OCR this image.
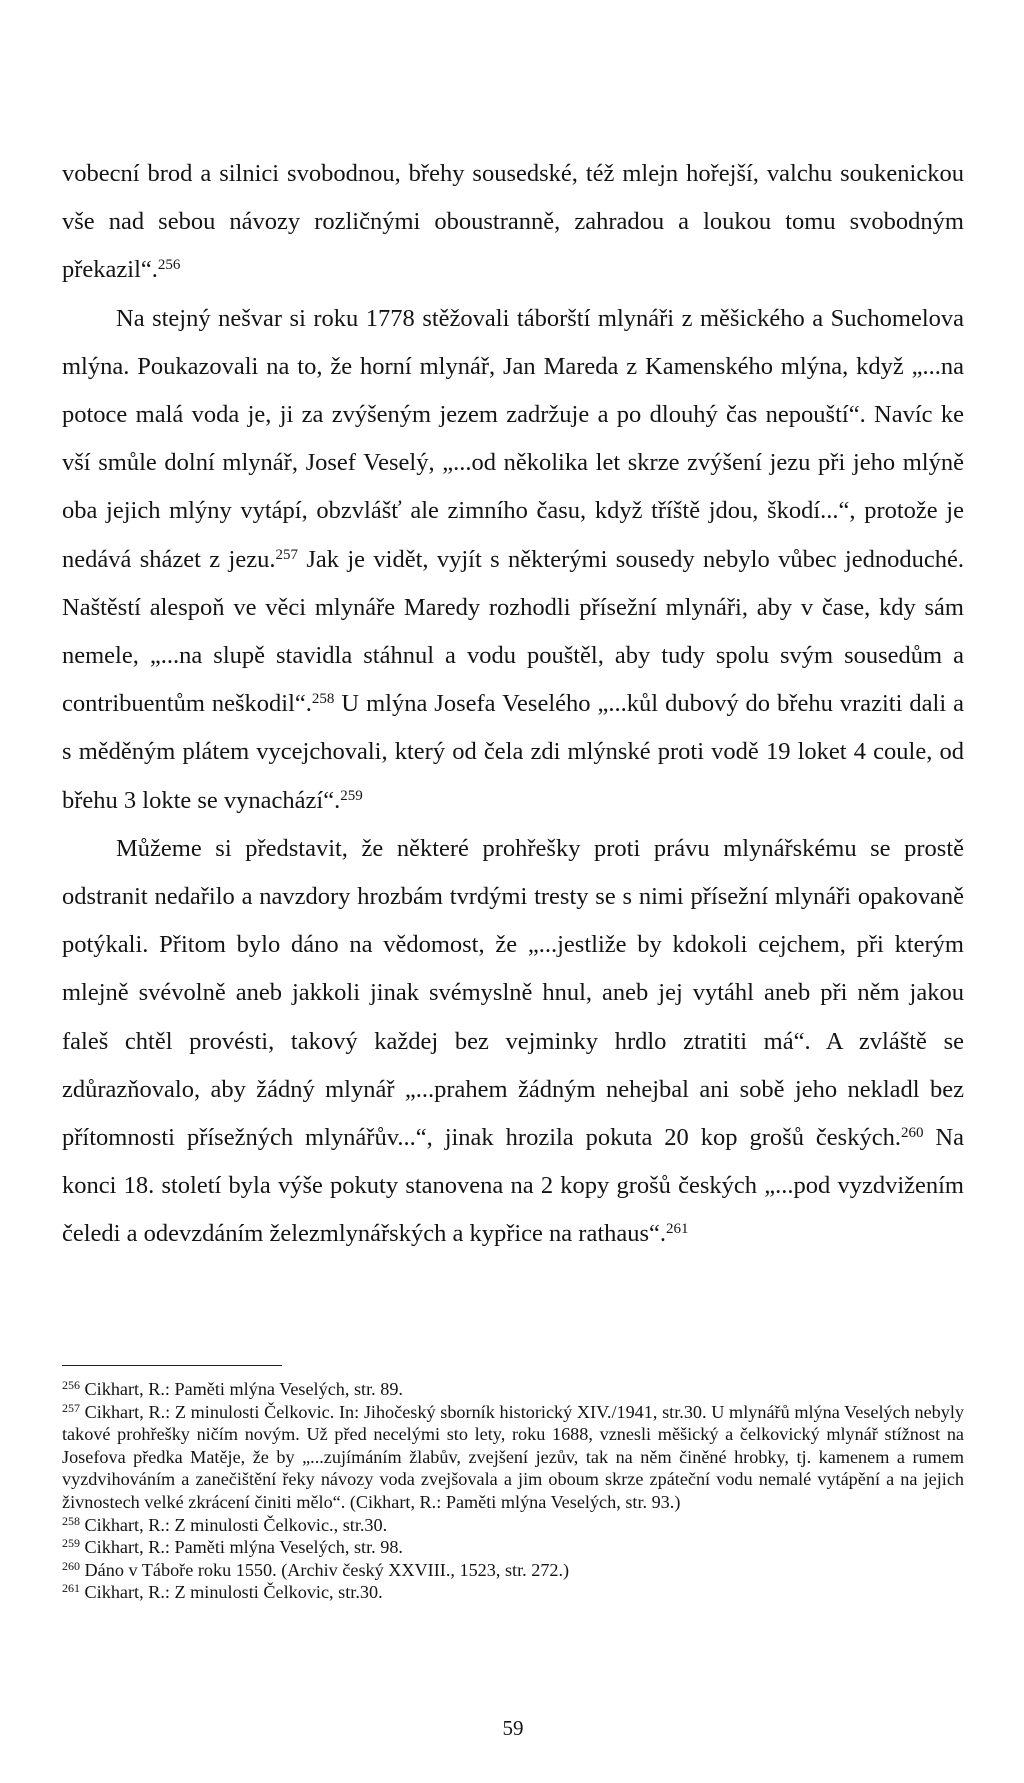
vobecní brod a silnici svobodnou, břehy sousedské, též mlejn hořejší, valchu soukenickou vše nad sebou návozy rozličnými oboustranně, zahradou a loukou tomu svobodným překazil“.$^{256}$

Na stejný nešvar si roku 1778 stěžovali táborští mlynáři z měšického a Suchomelova mlýna. Poukazovali na to, že horní mlynář, Jan Mareda z Kamenského mlýna, když „...na potoce malá voda je, ji za zvýšeným jezem zadržuje a po dlouhý čas nepouští“. Navíc ke vší smůle dolní mlynář, Josef Veselý, „...od několika let skrze zvýšení jezu při jeho mlýně oba jejich mlýny vytápí, obzvlášť ale zimního času, když tříště jdou, škodí...“, protože je nedává sházet z jezu.$^{257}$ Jak je vidět, vyjít s některými sousedy nebylo vůbec jednoduché. Naštěstí alespoň ve věci mlynáře Maredy rozhodli přísežní mlynáři, aby v čase, kdy sám nemele, „...na slupě stavidla stáhnul a vodu pouštěl, aby tudy spolu svým sousedům a contribuentům neškodil“.$^{258}$ U mlýna Josefa Veselého „...kůl dubový do břehu vraziti dali a s měděným plátem vycejchovali, který od čela zdi mlýnské proti vodě 19 loket 4 coule, od břehu 3 lokte se vynachází“.$^{259}$

Můžeme si představit, že některé prohřešky proti právu mlynářskému se prostě odstranit nedařilo a navzdory hrozbám tvrdými tresty se s nimi přísežní mlynáři opakovaně potýkali. Přitom bylo dáno na vědomost, že „...jestližе by kdokoli cejchem, při kterým mlejně svévolně aneb jakkoli jinak svémyslně hnul, aneb jej vytáhl aneb při něm jakou faleš chtěl provésti, takový každej bez vejminky hrdlo ztratiti má“. A zvláště se zdůrazňovalo, aby žádný mlynář „...prahem žádným nehejbal ani sobě jeho nekladl bez přítomnosti přísežných mlynářův...“, jinak hrozila pokuta 20 kop grošů českých.$^{260}$ Na konci 18. století byla výše pokuty stanovena na 2 kopy grošů českých „...pod vyzdvižením čeledi a odevzdáním železmlynářských a kypřice na rathaus“.$^{261}$

$^{256}$ Cikhart, R.: Paměti mlýna Veselých, str. 89.

$^{257}$ Cikhart, R.: Z minulosti Čelkovic. In: Jihočeský sborník historický XIV./1941, str.30. U mlynářů mlýna Veselých nebyly takové prohřešky ničím novým. Už před necelými sto lety, roku 1688, vznesli měšický a čelkovický mlynář stížnost na Josefova předka Matěje, že by „...zujímáním žlabův, zvejšení jezův, tak na něm činěné hrobky, tj. kamenem a rumem vyzdvihováním a zanečištění řeky návozy voda zvejšovala a jim oboum skrze zpáteční vodu nemalé vytápění a na jejich živnostech velké zkrácení činiti mělo“. (Cikhart, R.: Paměti mlýna Veselých, str. 93.)

$^{258}$ Cikhart, R.: Z minulosti Čelkovic., str.30.

$^{259}$ Cikhart, R.: Paměti mlýna Veselých, str. 98.

$^{260}$ Dáno v Táboře roku 1550. (Archiv český XXVIII., 1523, str. 272.)

$^{261}$ Cikhart, R.: Z minulosti Čelkovic, str.30.

59
